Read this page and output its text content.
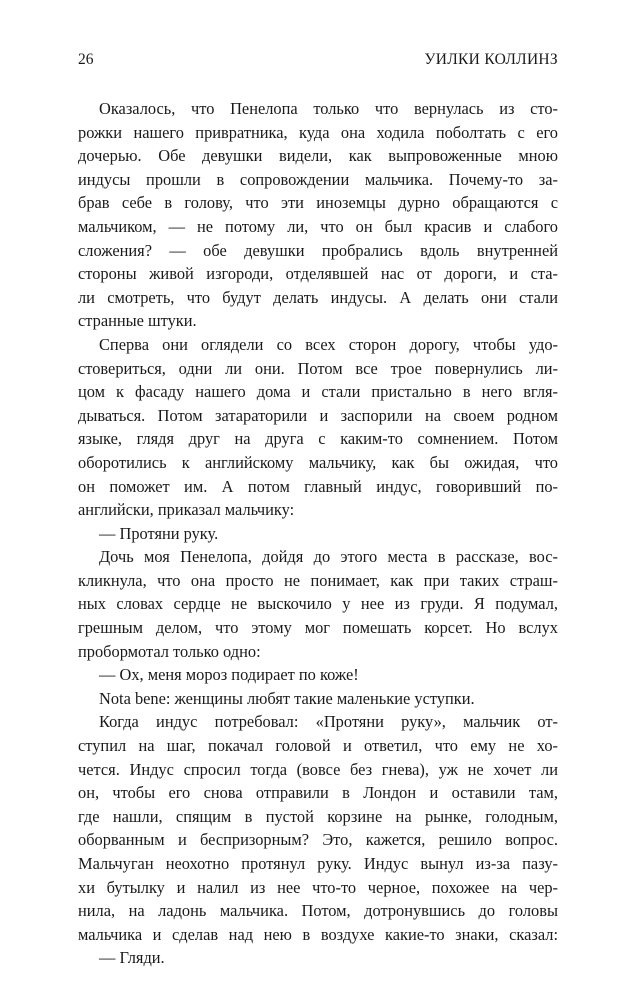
26	УИЛКИ КОЛЛИНЗ
Оказалось, что Пенелопа только что вернулась из сто-
рожки нашего привратника, куда она ходила поболтать с его
дочерью. Обе девушки видели, как выпровоженные мною
индусы прошли в сопровождении мальчика. Почему-то за-
брав себе в голову, что эти иноземцы дурно обращаются с
мальчиком, — не потому ли, что он был красив и слабого
сложения? — обе девушки пробрались вдоль внутренней
стороны живой изгороди, отделявшей нас от дороги, и ста-
ли смотреть, что будут делать индусы. А делать они стали
странные штуки.
Сперва они оглядели со всех сторон дорогу, чтобы удо-
стовериться, одни ли они. Потом все трое повернулись ли-
цом к фасаду нашего дома и стали пристально в него вгля-
дываться. Потом затараторили и заспорили на своем родном
языке, глядя друг на друга с каким-то сомнением. Потом
оборотились к английскому мальчику, как бы ожидая, что
он поможет им. А потом главный индус, говоривший по-
английски, приказал мальчику:
— Протяни руку.
Дочь моя Пенелопа, дойдя до этого места в рассказе, вос-
кликнула, что она просто не понимает, как при таких страш-
ных словах сердце не выскочило у нее из груди. Я подумал,
грешным делом, что этому мог помешать корсет. Но вслух
пробормотал только одно:
— Ох, меня мороз подирает по коже!
Nota bene: женщины любят такие маленькие уступки.
Когда индус потребовал: «Протяни руку», мальчик от-
ступил на шаг, покачал головой и ответил, что ему не хо-
чется. Индус спросил тогда (вовсе без гнева), уж не хочет ли
он, чтобы его снова отправили в Лондон и оставили там,
где нашли, спящим в пустой корзине на рынке, голодным,
оборванным и беспризорным? Это, кажется, решило вопрос.
Мальчуган неохотно протянул руку. Индус вынул из-за пазу-
хи бутылку и налил из нее что-то черное, похожее на чер-
нила, на ладонь мальчика. Потом, дотронувшись до головы
мальчика и сделав над нею в воздухе какие-то знаки, сказал:
— Гляди.
